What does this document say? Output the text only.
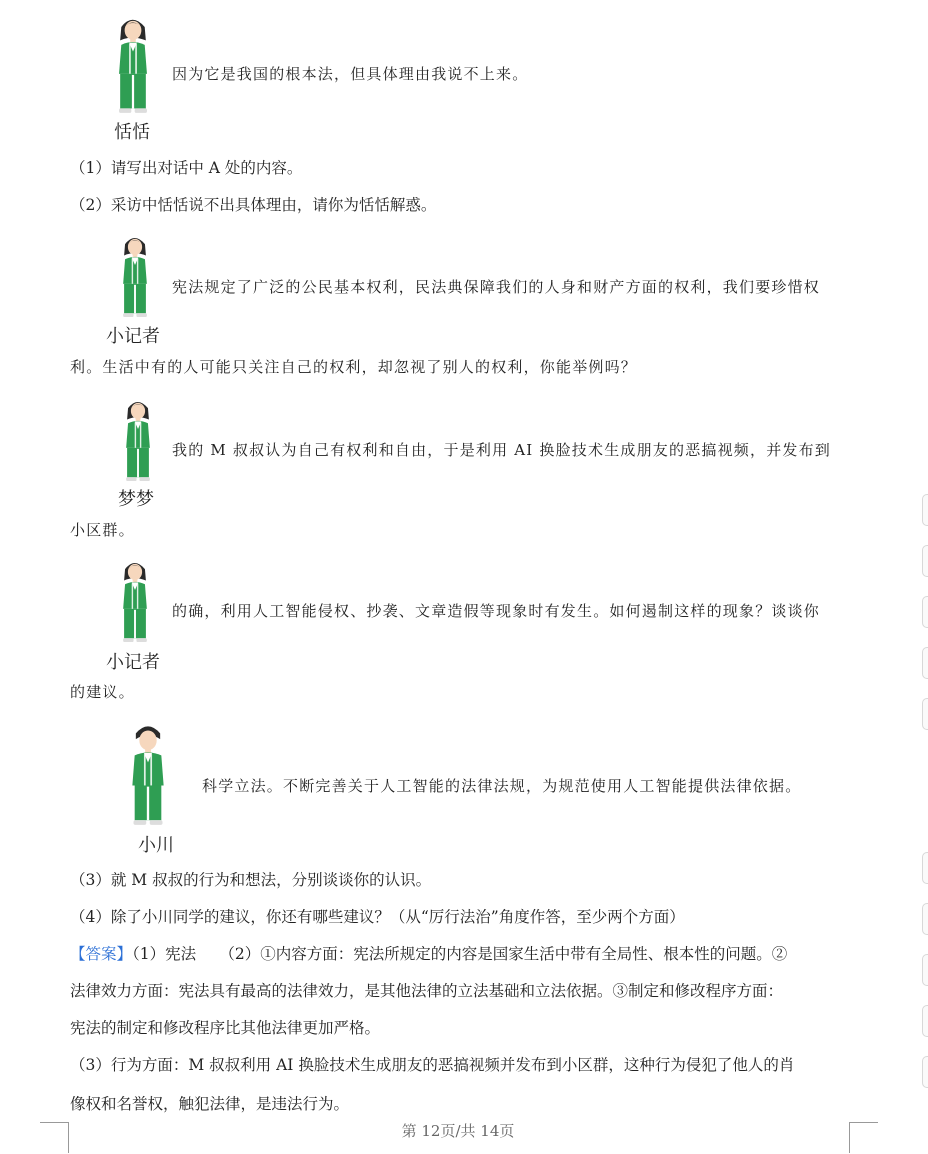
恬恬
因为它是我国的根本法，但具体理由我说不上来。
（1）请写出对话中 A 处的内容。
（2）采访中恬恬说不出具体理由，请你为恬恬解惑。
小记者
宪法规定了广泛的公民基本权利，民法典保障我们的人身和财产方面的权利，我们要珍惜权
利。生活中有的人可能只关注自己的权利，却忽视了别人的权利，你能举例吗？
梦梦
我的 M 叔叔认为自己有权利和自由，于是利用 AI 换脸技术生成朋友的恶搞视频，并发布到
小区群。
小记者
的确，利用人工智能侵权、抄袭、文章造假等现象时有发生。如何遏制这样的现象？谈谈你
的建议。
小川
科学立法。不断完善关于人工智能的法律法规，为规范使用人工智能提供法律依据。
（3）就 M 叔叔的行为和想法，分别谈谈你的认识。
（4）除了小川同学的建议，你还有哪些建议？（从“厉行法治”角度作答，至少两个方面）
【答案】（1）宪法　　（2）①内容方面：宪法所规定的内容是国家生活中带有全局性、根本性的问题。②
法律效力方面：宪法具有最高的法律效力，是其他法律的立法基础和立法依据。③制定和修改程序方面：
宪法的制定和修改程序比其他法律更加严格。
（3）行为方面：M 叔叔利用 AI 换脸技术生成朋友的恶搞视频并发布到小区群，这种行为侵犯了他人的肖
像权和名誉权，触犯法律，是违法行为。
第 12页/共 14页
